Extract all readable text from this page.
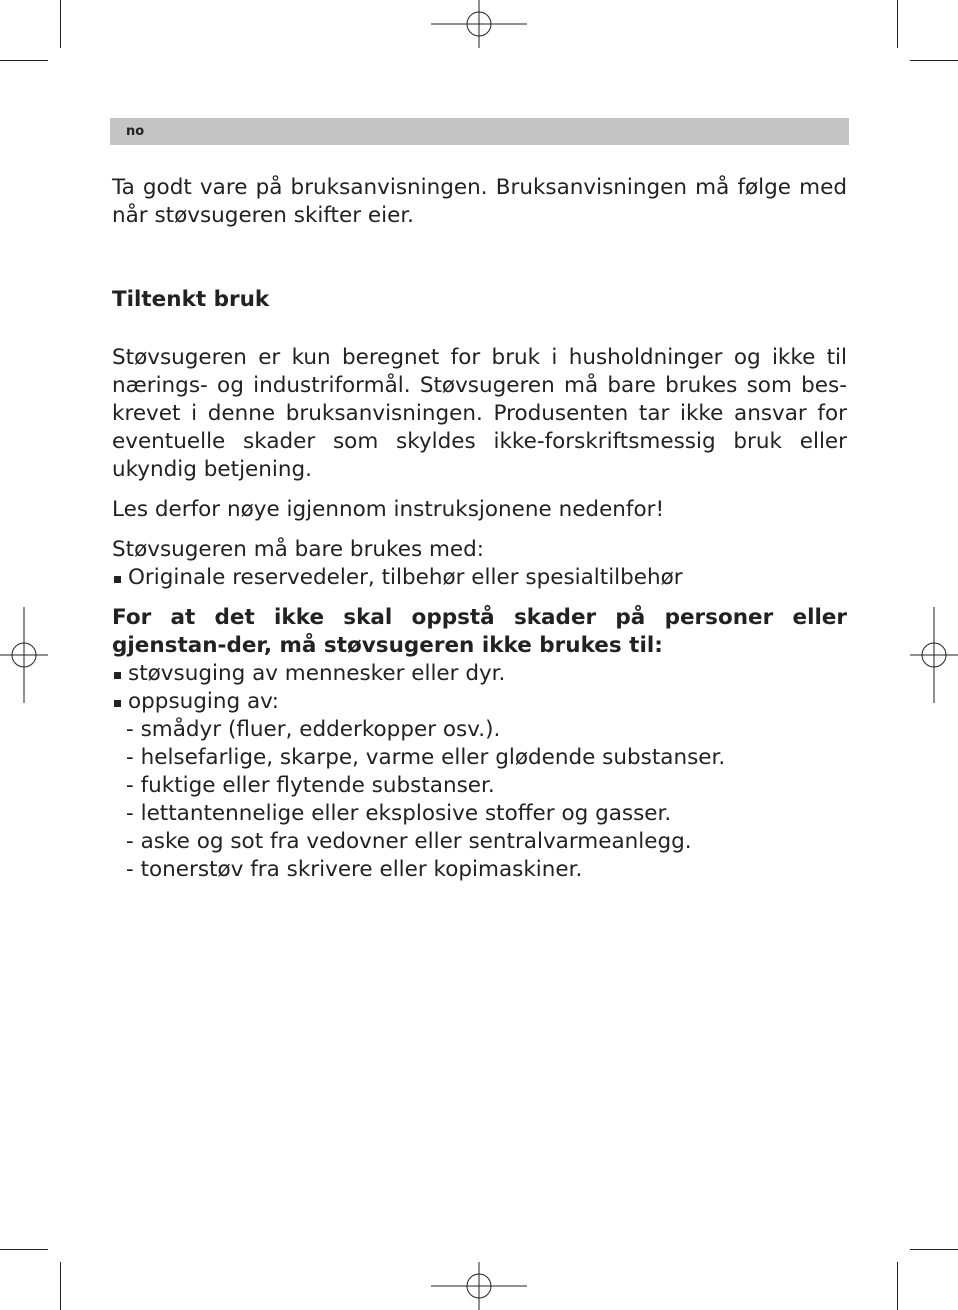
no

Ta godt vare på bruksanvisningen. Bruksanvisningen må følge med når støvsugeren skifter eier.

Tiltenkt bruk

Støvsugeren er kun beregnet for bruk i husholdninger og ikke til nærings- og industriformål. Støvsugeren må bare brukes som bes-krevet i denne bruksanvisningen. Produsenten tar ikke ansvar for eventuelle skader som skyldes ikke-forskriftsmessig bruk eller ukyndig betjening.

Les derfor nøye igjennom instruksjonene nedenfor!

Støvsugeren må bare brukes med:

Originale reservedeler, tilbehør eller spesialtilbehør

For at det ikke skal oppstå skader på personer eller gjenstan-der, må støvsugeren ikke brukes til:

støvsuging av mennesker eller dyr.
oppsuging av:
- smådyr (fluer, edderkopper osv.).
- helsefarlige, skarpe, varme eller glødende substanser.
- fuktige eller flytende substanser.
- lettantennelige eller eksplosive stoffer og gasser.
- aske og sot fra vedovner eller sentralvarmeanlegg.
- tonerstøv fra skrivere eller kopimaskiner.
